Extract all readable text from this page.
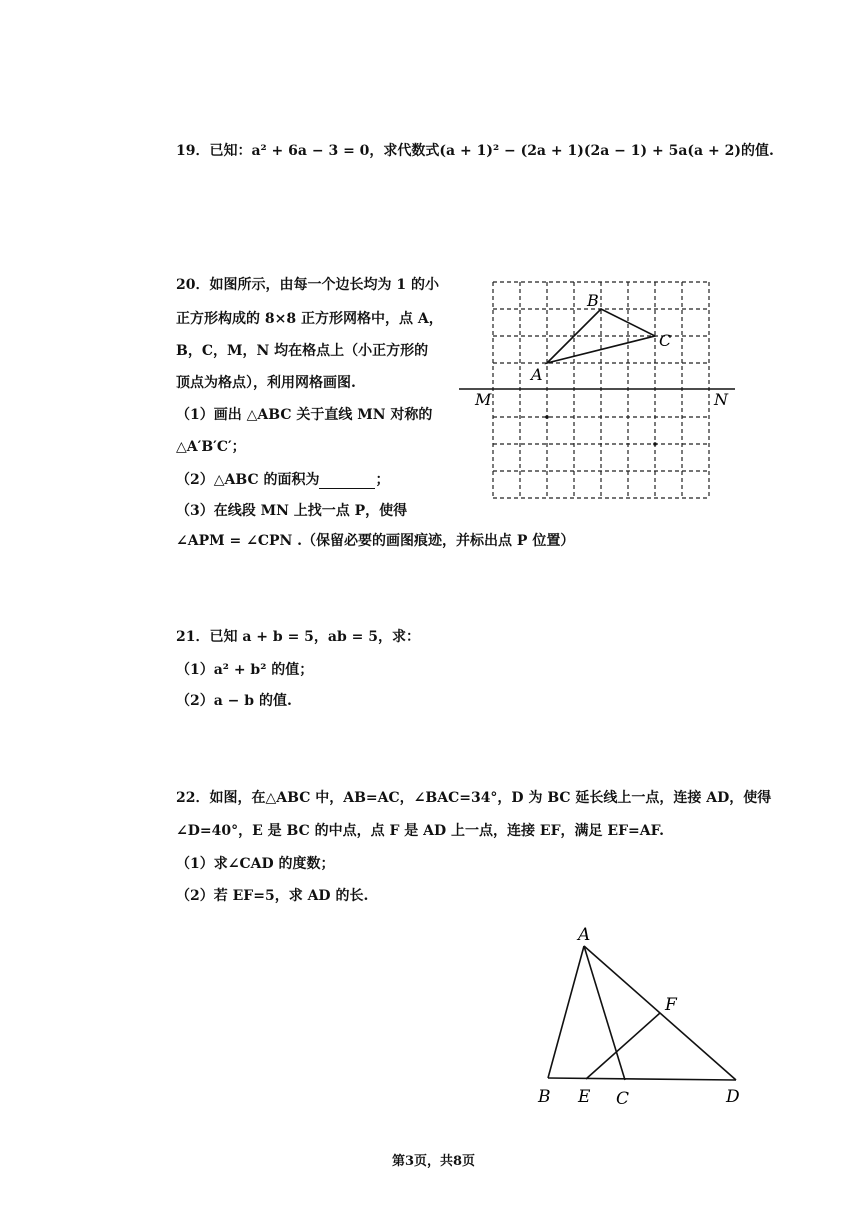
19．已知：a² + 6a − 3 = 0，求代数式(a + 1)² − (2a + 1)(2a − 1) + 5a(a + 2)的值.
20．如图所示，由每一个边长均为 1 的小
正方形构成的 8×8 正方形网格中，点 A，
B，C，M，N 均在格点上（小正方形的
顶点为格点），利用网格画图.
（1）画出 △ABC 关于直线 MN 对称的
△A′B′C′；
（2）△ABC 的面积为	；
（3）在线段 MN 上找一点 P，使得
∠APM = ∠CPN .（保留必要的画图痕迹，并标出点 P 位置）
B
C
A
M	N
21．已知 a + b = 5，ab = 5，求：
（1）a² + b² 的值；
（2）a − b 的值.
22．如图，在△ABC 中，AB=AC，∠BAC=34°，D 为 BC 延长线上一点，连接 AD，使得
∠D=40°，E 是 BC 的中点，点 F 是 AD 上一点，连接 EF，满足 EF=AF.
（1）求∠CAD 的度数；
（2）若 EF=5，求 AD 的长.
A
F
B E C	D
第3页，共8页
